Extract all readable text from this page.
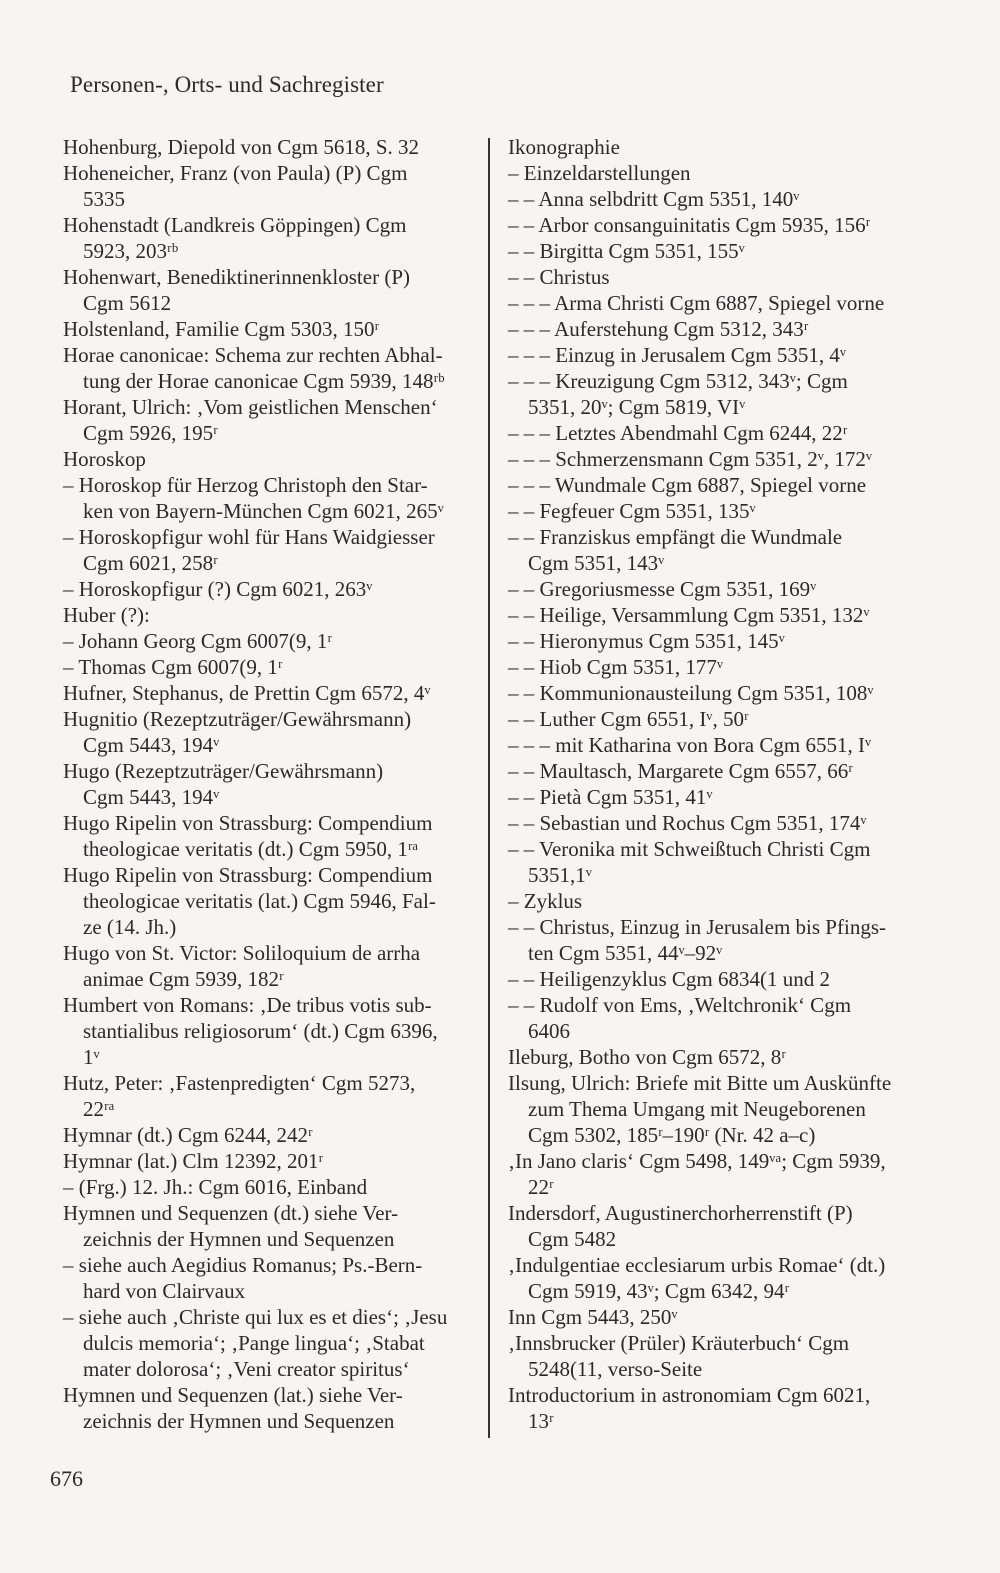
Personen-, Orts- und Sachregister
Hohenburg, Diepold von Cgm 5618, S. 32
Hoheneicher, Franz (von Paula) (P) Cgm
5335
Hohenstadt (Landkreis Göppingen) Cgm
5923, 203ʳᵇ
Hohenwart, Benediktinerinnenkloster (P)
Cgm 5612
Holstenland, Familie Cgm 5303, 150ʳ
Horae canonicae: Schema zur rechten Abhal-
tung der Horae canonicae Cgm 5939, 148ʳᵇ
Horant, Ulrich: ‚Vom geistlichen Menschen‘
Cgm 5926, 195ʳ
Horoskop
– Horoskop für Herzog Christoph den Star-
ken von Bayern-München Cgm 6021, 265ᵛ
– Horoskopfigur wohl für Hans Waidgiesser
Cgm 6021, 258ʳ
– Horoskopfigur (?) Cgm 6021, 263ᵛ
Huber (?):
– Johann Georg Cgm 6007(9, 1ʳ
– Thomas Cgm 6007(9, 1ʳ
Hufner, Stephanus, de Prettin Cgm 6572, 4ᵛ
Hugnitio (Rezeptzuträger/Gewährsmann)
Cgm 5443, 194ᵛ
Hugo (Rezeptzuträger/Gewährsmann)
Cgm 5443, 194ᵛ
Hugo Ripelin von Strassburg: Compendium
theologicae veritatis (dt.) Cgm 5950, 1ʳᵃ
Hugo Ripelin von Strassburg: Compendium
theologicae veritatis (lat.) Cgm 5946, Fal-
ze (14. Jh.)
Hugo von St. Victor: Soliloquium de arrha
animae Cgm 5939, 182ʳ
Humbert von Romans: ‚De tribus votis sub-
stantialibus religiosorum‘ (dt.) Cgm 6396,
1ᵛ
Hutz, Peter: ‚Fastenpredigten‘ Cgm 5273,
22ʳᵃ
Hymnar (dt.) Cgm 6244, 242ʳ
Hymnar (lat.) Clm 12392, 201ʳ
– (Frg.) 12. Jh.: Cgm 6016, Einband
Hymnen und Sequenzen (dt.) siehe Ver-
zeichnis der Hymnen und Sequenzen
– siehe auch Aegidius Romanus; Ps.-Bern-
hard von Clairvaux
– siehe auch ‚Christe qui lux es et dies‘; ‚Jesu
dulcis memoria‘; ‚Pange lingua‘; ‚Stabat
mater dolorosa‘; ‚Veni creator spiritus‘
Hymnen und Sequenzen (lat.) siehe Ver-
zeichnis der Hymnen und Sequenzen
Ikonographie
– Einzeldarstellungen
– – Anna selbdritt Cgm 5351, 140ᵛ
– – Arbor consanguinitatis Cgm 5935, 156ʳ
– – Birgitta Cgm 5351, 155ᵛ
– – Christus
– – – Arma Christi Cgm 6887, Spiegel vorne
– – – Auferstehung Cgm 5312, 343ʳ
– – – Einzug in Jerusalem Cgm 5351, 4ᵛ
– – – Kreuzigung Cgm 5312, 343ᵛ; Cgm
5351, 20ᵛ; Cgm 5819, VIᵛ
– – – Letztes Abendmahl Cgm 6244, 22ʳ
– – – Schmerzensmann Cgm 5351, 2ᵛ, 172ᵛ
– – – Wundmale Cgm 6887, Spiegel vorne
– – Fegfeuer Cgm 5351, 135ᵛ
– – Franziskus empfängt die Wundmale
Cgm 5351, 143ᵛ
– – Gregoriusmesse Cgm 5351, 169ᵛ
– – Heilige, Versammlung Cgm 5351, 132ᵛ
– – Hieronymus Cgm 5351, 145ᵛ
– – Hiob Cgm 5351, 177ᵛ
– – Kommunionausteilung Cgm 5351, 108ᵛ
– – Luther Cgm 6551, Iᵛ, 50ʳ
– – – mit Katharina von Bora Cgm 6551, Iᵛ
– – Maultasch, Margarete Cgm 6557, 66ʳ
– – Pietà Cgm 5351, 41ᵛ
– – Sebastian und Rochus Cgm 5351, 174ᵛ
– – Veronika mit Schweißtuch Christi Cgm
5351,1ᵛ
– Zyklus
– – Christus, Einzug in Jerusalem bis Pfings-
ten Cgm 5351, 44ᵛ–92ᵛ
– – Heiligenzyklus Cgm 6834(1 und 2
– – Rudolf von Ems, ‚Weltchronik‘ Cgm
6406
Ileburg, Botho von Cgm 6572, 8ʳ
Ilsung, Ulrich: Briefe mit Bitte um Auskünfte
zum Thema Umgang mit Neugeborenen
Cgm 5302, 185ʳ–190ʳ (Nr. 42 a–c)
‚In Jano claris‘ Cgm 5498, 149ᵛᵃ; Cgm 5939,
22ʳ
Indersdorf, Augustinerchorherrenstift (P)
Cgm 5482
‚Indulgentiae ecclesiarum urbis Romae‘ (dt.)
Cgm 5919, 43ᵛ; Cgm 6342, 94ʳ
Inn Cgm 5443, 250ᵛ
‚Innsbrucker (Prüler) Kräuterbuch‘ Cgm
5248(11, verso-Seite
Introductorium in astronomiam Cgm 6021,
13ʳ
676
